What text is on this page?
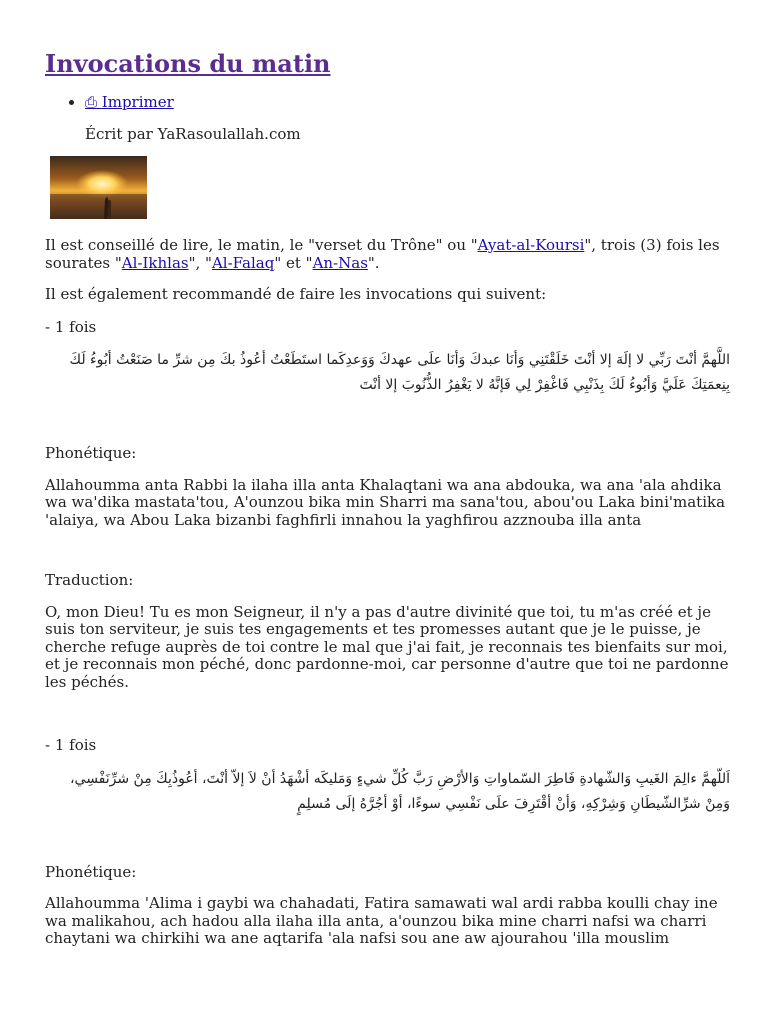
Invocations du matin
• ⎙ Imprimer
Écrit par YaRasoulallah.com

Il est conseillé de lire, le matin, le "verset du Trône" ou "Ayat-al-Koursi", trois (3) fois les sourates "Al-Ikhlas", "Al-Falaq" et "An-Nas".

Il est également recommandé de faire les invocations qui suivent:

- 1 fois

اللَّهمَّ أنْتَ رَبِّي لا إلَهَ إلا أنْتَ خَلَقْتَنِي وَأنَا عبدكَ وَأنَا علَى عهدكَ وَوَعدِكَما استَطَعْتُ أعُوذُ بكَ مِن شرِّ ما صَنَعْتُ أبُوءُ لَكَ بِنِعمَتِكَ عَلَيَّ وَأبُوءُ لَكَ بِذَنْبِي فَاغْفِرْ لِي فَإنَّهُ لا يَغْفِرُ الذُّنُوبَ إلا أنْتَ

Phonétique:

Allahoumma anta Rabbi la ilaha illa anta Khalaqtani wa ana abdouka, wa ana 'ala ahdika wa wa'dika mastata'tou, A'ounzou bika min Sharri ma sana'tou, abou'ou Laka bini'matika 'alaiya, wa Abou Laka bizanbi faghfirli innahou la yaghfirou azznouba illa anta

Traduction:

O, mon Dieu! Tu es mon Seigneur, il n'y a pas d'autre divinité que toi, tu m'as créé et je suis ton serviteur, je suis tes engagements et tes promesses autant que je le puisse, je cherche refuge auprès de toi contre le mal que j'ai fait, je reconnais tes bienfaits sur moi, et je reconnais mon péché, donc pardonne-moi, car personne d'autre que toi ne pardonne les péchés.

- 1 fois

اَللّهمَّ ءالِمَ الغَيبِ وَالشّهادةِ فَاطِرَ السّماواتِ وَالأرْضِ رَبَّ كُلِّ شيءٍ وَمَليكَه أشْهَدُ أنْ لاَ إلاّ أنْتَ، أعُوذُبِكَ مِنْ شرِّنَفْسِي، وَمِنْ شرِّالشّيطَانِ وَشِرْكِهِ، وَأنْ أقْتَرِفَ علَى نَفْسِي سوءًا، أوْ أجُرَّهُ إلَى مُسلِمٍ

Phonétique:

Allahoumma 'Alima i gaybi wa chahadati, Fatira samawati wal ardi rabba koulli chay ine wa malikahou, ach hadou alla ilaha illa anta, a'ounzou bika mine charri nafsi wa charri chaytani wa chirkihi wa ane aqtarifa 'ala nafsi sou ane aw ajourahou 'illa mouslim
